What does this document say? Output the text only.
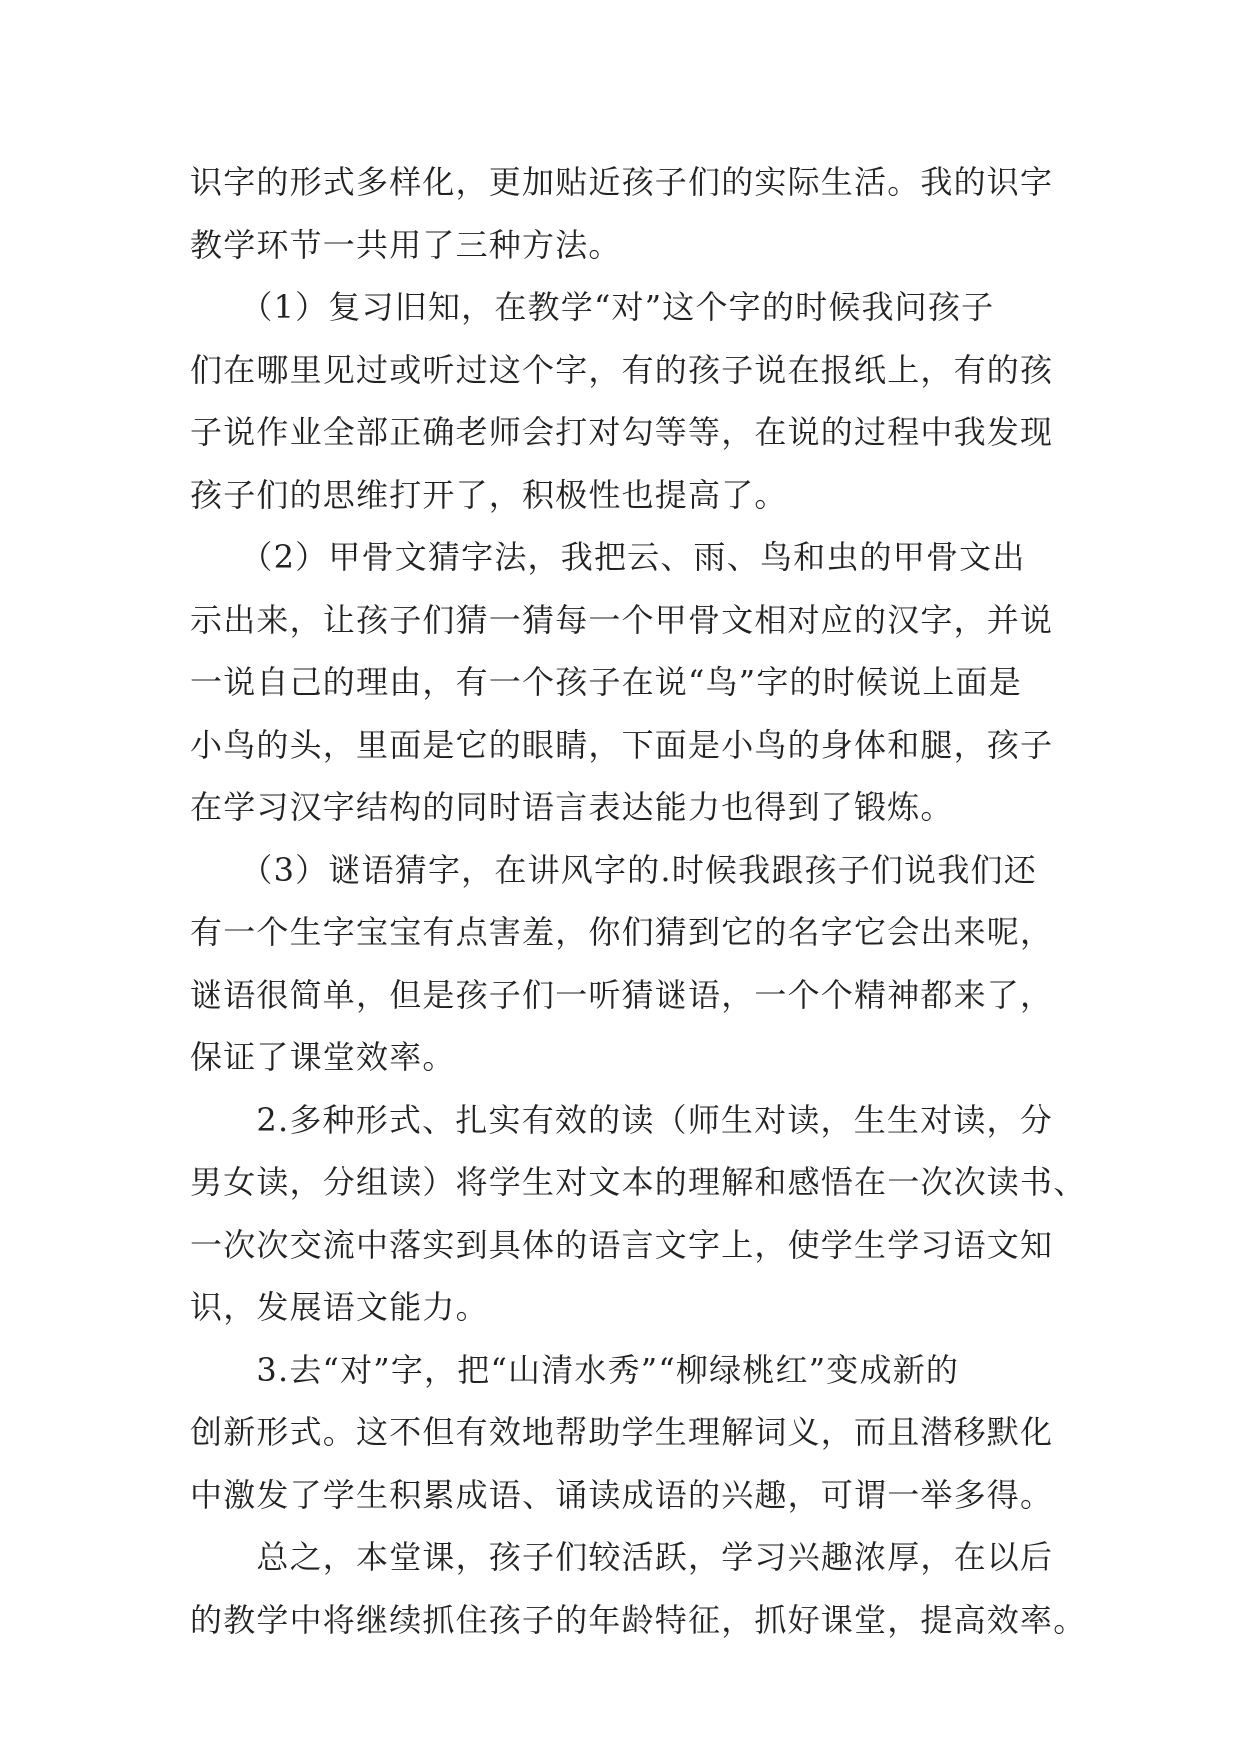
识字的形式多样化，更加贴近孩子们的实际生活。我的识字
教学环节一共用了三种方法。
　　（1）复习旧知，在教学“对”这个字的时候我问孩子
们在哪里见过或听过这个字，有的孩子说在报纸上，有的孩
子说作业全部正确老师会打对勾等等，在说的过程中我发现
孩子们的思维打开了，积极性也提高了。
　　（2）甲骨文猜字法，我把云、雨、鸟和虫的甲骨文出
示出来，让孩子们猜一猜每一个甲骨文相对应的汉字，并说
一说自己的理由，有一个孩子在说“鸟”字的时候说上面是
小鸟的头，里面是它的眼睛，下面是小鸟的身体和腿，孩子
在学习汉字结构的同时语言表达能力也得到了锻炼。
　　（3）谜语猜字，在讲风字的.时候我跟孩子们说我们还
有一个生字宝宝有点害羞，你们猜到它的名字它会出来呢，
谜语很简单，但是孩子们一听猜谜语，一个个精神都来了，
保证了课堂效率。
　　2.多种形式、扎实有效的读（师生对读，生生对读，分
男女读，分组读）将学生对文本的理解和感悟在一次次读书、
一次次交流中落实到具体的语言文字上，使学生学习语文知
识，发展语文能力。
　　3.去“对”字，把“山清水秀”“柳绿桃红”变成新的
创新形式。这不但有效地帮助学生理解词义，而且潜移默化
中激发了学生积累成语、诵读成语的兴趣，可谓一举多得。
　　总之，本堂课，孩子们较活跃，学习兴趣浓厚，在以后
的教学中将继续抓住孩子的年龄特征，抓好课堂，提高效率。
